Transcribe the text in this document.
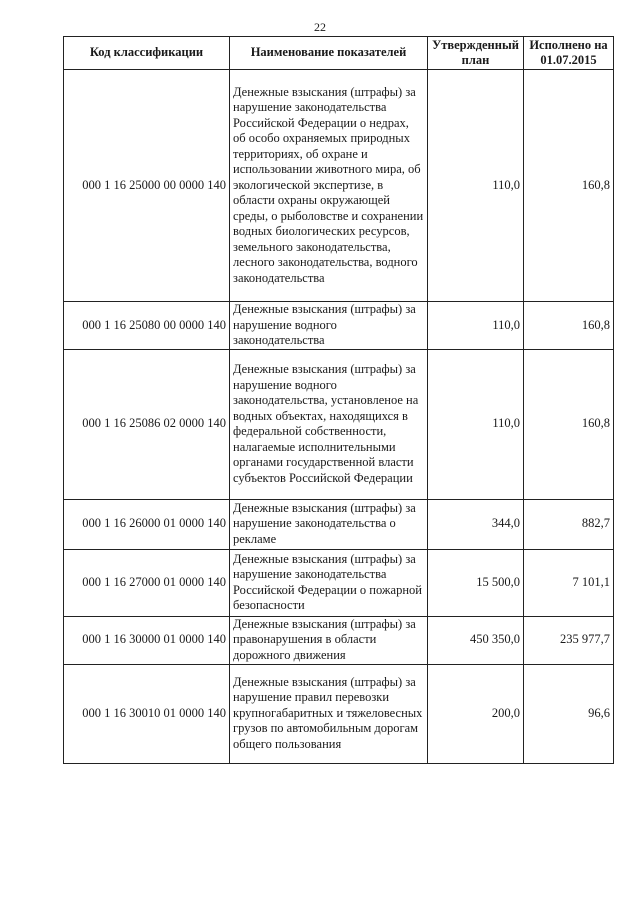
22
Код классификации	Наименование показателей	Утвержденный план	Исполнено на 01.07.2015
000 1 16 25000 00 0000 140	Денежные взыскания (штрафы) за нарушение законодательства Российской Федерации о недрах, об особо охраняемых природных территориях, об охране и использовании животного мира, об экологической экспертизе, в области охраны окружающей среды, о рыболовстве и сохранении водных биологических ресурсов, земельного законодательства, лесного законодательства, водного законодательства	110,0	160,8
000 1 16 25080 00 0000 140	Денежные взыскания (штрафы) за нарушение водного законодательства	110,0	160,8
000 1 16 25086 02 0000 140	Денежные взыскания (штрафы) за нарушение водного законодательства, установленое на водных объектах, находящихся в федеральной собственности, налагаемые исполнительными органами государственной власти субъектов Российской Федерации	110,0	160,8
000 1 16 26000 01 0000 140	Денежные взыскания (штрафы) за нарушение законодательства о рекламе	344,0	882,7
000 1 16 27000 01 0000 140	Денежные взыскания (штрафы) за нарушение законодательства Российской Федерации о пожарной безопасности	15 500,0	7 101,1
000 1 16 30000 01 0000 140	Денежные взыскания (штрафы) за правонарушения в области дорожного движения	450 350,0	235 977,7
000 1 16 30010 01 0000 140	Денежные взыскания (штрафы) за нарушение правил перевозки крупногабаритных и тяжеловесных грузов по автомобильным дорогам общего пользования	200,0	96,6
